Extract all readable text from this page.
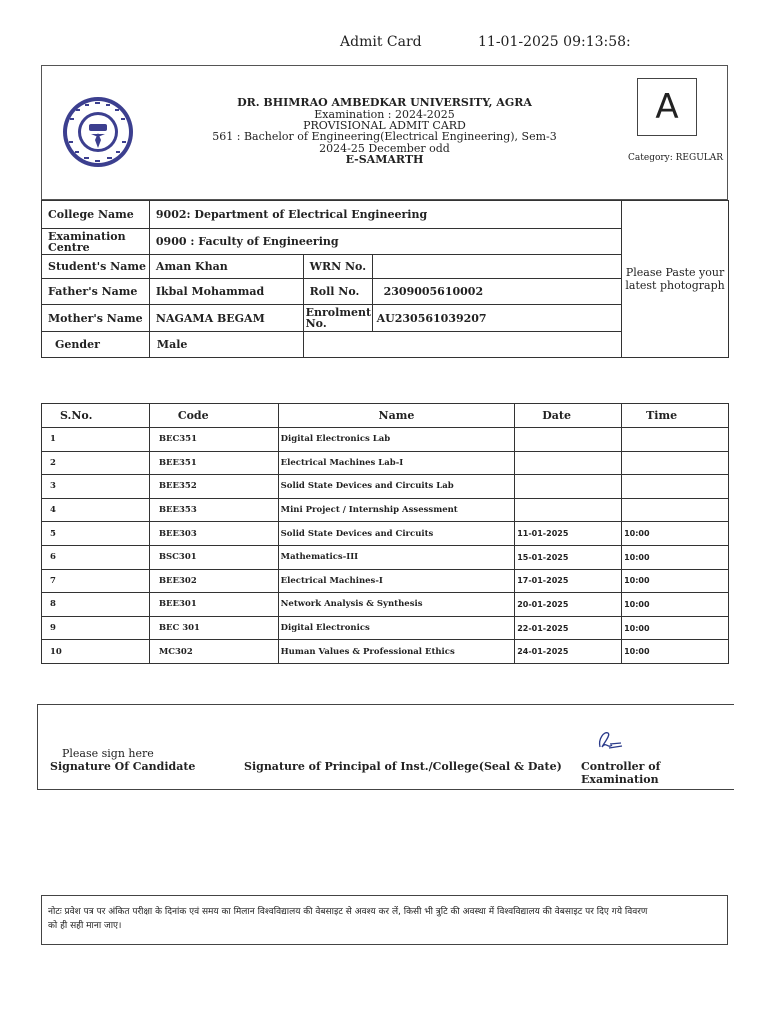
Admit Card	11-01-2025 09:13:58:
DR. BHIMRAO AMBEDKAR UNIVERSITY, AGRA
Examination : 2024-2025
PROVISIONAL ADMIT CARD
561 : Bachelor of Engineering(Electrical Engineering), Sem-3
2024-25 December odd
E-SAMARTH
A
Category: REGULAR
College Name	9002: Department of Electrical Engineering			Please Paste your latest photograph
Examination Centre	0900 : Faculty of Engineering			
Student's Name	Aman Khan	WRN No.		
Father's Name	Ikbal Mohammad	Roll No.	2309005610002	
Mother's Name	NAGAMA BEGAM	Enrolment No.	AU230561039207	
Gender	Male			
S.No.	Code	Name	Date	Time
1	BEC351	Digital Electronics Lab		
2	BEE351	Electrical Machines Lab-I		
3	BEE352	Solid State Devices and Circuits Lab		
4	BEE353	Mini Project / Internship Assessment		
5	BEE303	Solid State Devices and Circuits	11-01-2025	10:00
6	BSC301	Mathematics-III	15-01-2025	10:00
7	BEE302	Electrical Machines-I	17-01-2025	10:00
8	BEE301	Network Analysis & Synthesis	20-01-2025	10:00
9	BEC 301	Digital Electronics	22-01-2025	10:00
10	MC302	Human Values & Professional Ethics	24-01-2025	10:00
Please sign here
Signature Of Candidate	Signature of Principal of Inst./College(Seal & Date) Controller of Examination
नोटः प्रवेश पत्र पर अंकित परीक्षा के दिनांक एवं समय का मिलान विश्वविद्यालय की वेबसाइट से अवश्य कर लें, किसी भी त्रुटि की अवस्था में विश्वविद्यालय की वेबसाइट पर दिए गये विवरण
को ही सही माना जाए।
